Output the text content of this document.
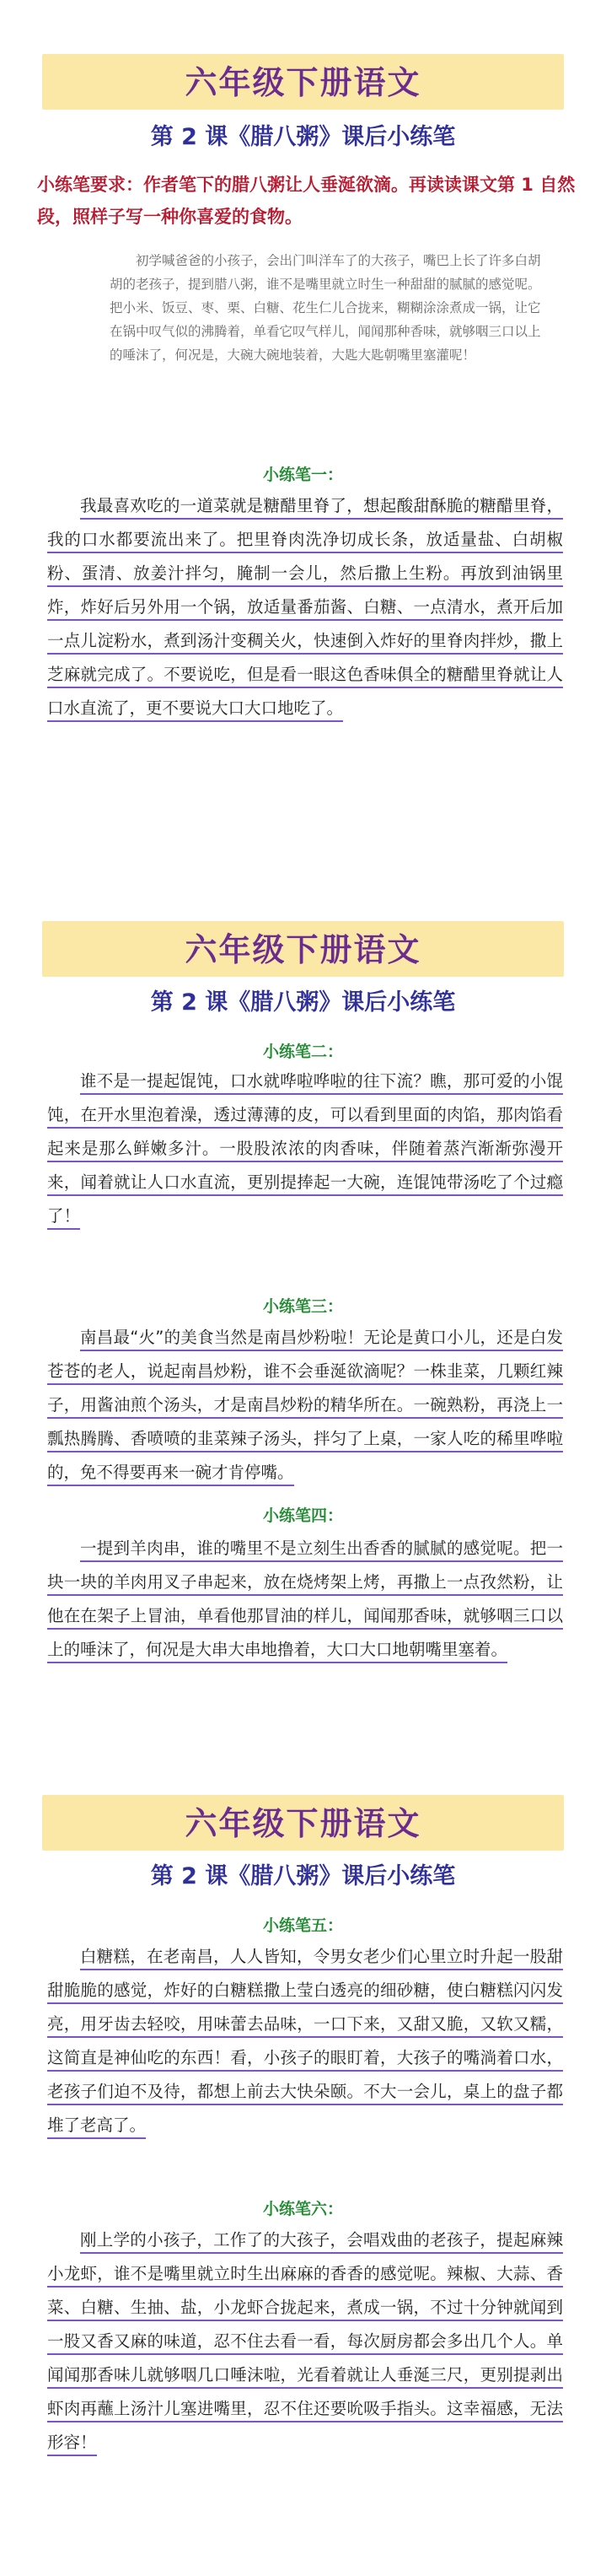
六年级下册语文
第 2 课《腊八粥》课后小练笔
小练笔要求：作者笔下的腊八粥让人垂涎欲滴。再读读课文第 1 自然段，照样子写一种你喜爱的食物。
初学喊爸爸的小孩子，会出门叫洋车了的大孩子，嘴巴上长了许多白胡胡的老孩子，提到腊八粥，谁不是嘴里就立时生一种甜甜的腻腻的感觉呢。把小米、饭豆、枣、栗、白糖、花生仁儿合拢来，糊糊涂涂煮成一锅，让它在锅中叹气似的沸腾着，单看它叹气样儿，闻闻那种香味，就够咽三口以上的唾沫了，何况是，大碗大碗地装着，大匙大匙朝嘴里塞灌呢！
小练笔一：
我最喜欢吃的一道菜就是糖醋里脊了，想起酸甜酥脆的糖醋里脊，我的口水都要流出来了。把里脊肉洗净切成长条，放适量盐、白胡椒粉、蛋清、放姜汁拌匀，腌制一会儿，然后撒上生粉。再放到油锅里炸，炸好后另外用一个锅，放适量番茄酱、白糖、一点清水，煮开后加一点儿淀粉水，煮到汤汁变稠关火，快速倒入炸好的里脊肉拌炒，撒上芝麻就完成了。不要说吃，但是看一眼这色香味俱全的糖醋里脊就让人口水直流了，更不要说大口大口地吃了。
六年级下册语文
第 2 课《腊八粥》课后小练笔
小练笔二：
谁不是一提起馄饨，口水就哗啦哗啦的往下流？瞧，那可爱的小馄饨，在开水里泡着澡，透过薄薄的皮，可以看到里面的肉馅，那肉馅看起来是那么鲜嫩多汁。一股股浓浓的肉香味，伴随着蒸汽渐渐弥漫开来，闻着就让人口水直流，更别提捧起一大碗，连馄饨带汤吃了个过瘾了！
小练笔三：
南昌最“火”的美食当然是南昌炒粉啦！无论是黄口小儿，还是白发苍苍的老人，说起南昌炒粉，谁不会垂涎欲滴呢？一株韭菜，几颗红辣子，用酱油煎个汤头，才是南昌炒粉的精华所在。一碗熟粉，再浇上一瓢热腾腾、香喷喷的韭菜辣子汤头，拌匀了上桌，一家人吃的稀里哗啦的，免不得要再来一碗才肯停嘴。
小练笔四：
一提到羊肉串，谁的嘴里不是立刻生出香香的腻腻的感觉呢。把一块一块的羊肉用叉子串起来，放在烧烤架上烤，再撒上一点孜然粉，让他在在架子上冒油，单看他那冒油的样儿，闻闻那香味，就够咽三口以上的唾沫了，何况是大串大串地撸着，大口大口地朝嘴里塞着。
六年级下册语文
第 2 课《腊八粥》课后小练笔
小练笔五：
白糖糕，在老南昌，人人皆知，令男女老少们心里立时升起一股甜甜脆脆的感觉，炸好的白糖糕撒上莹白透亮的细砂糖，使白糖糕闪闪发亮，用牙齿去轻咬，用味蕾去品味，一口下来，又甜又脆，又软又糯，这简直是神仙吃的东西！看，小孩子的眼盯着，大孩子的嘴淌着口水，老孩子们迫不及待，都想上前去大快朵颐。不大一会儿，桌上的盘子都堆了老高了。
小练笔六：
刚上学的小孩子，工作了的大孩子，会唱戏曲的老孩子，提起麻辣小龙虾，谁不是嘴里就立时生出麻麻的香香的感觉呢。辣椒、大蒜、香菜、白糖、生抽、盐，小龙虾合拢起来，煮成一锅，不过十分钟就闻到一股又香又麻的味道，忍不住去看一看，每次厨房都会多出几个人。单闻闻那香味儿就够咽几口唾沫啦，光看着就让人垂涎三尺，更别提剥出虾肉再蘸上汤汁儿塞进嘴里，忍不住还要吮吸手指头。这幸福感，无法形容！
